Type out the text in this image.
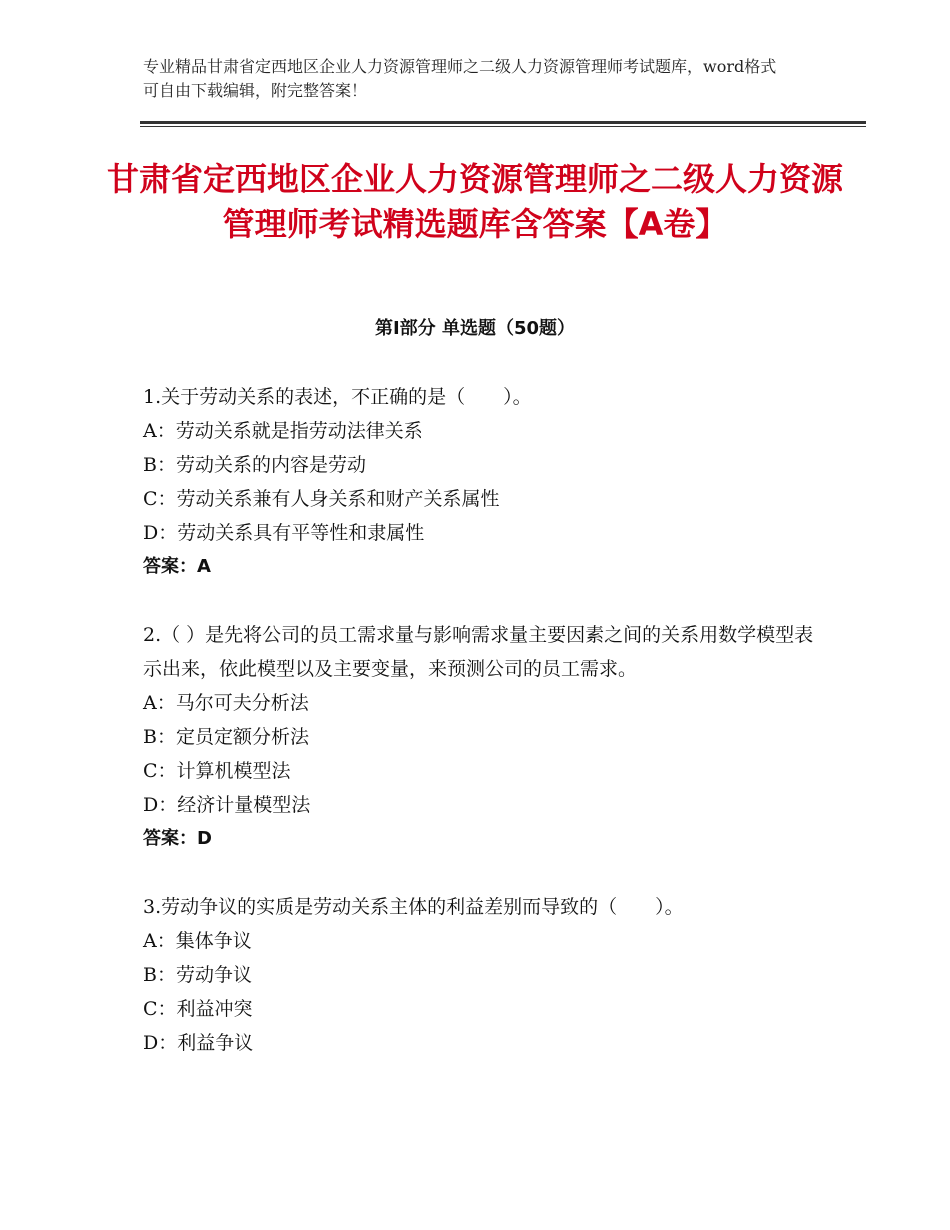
专业精品甘肃省定西地区企业人力资源管理师之二级人力资源管理师考试题库，word格式可自由下载编辑，附完整答案！
甘肃省定西地区企业人力资源管理师之二级人力资源管理师考试精选题库含答案【A卷】
第Ⅰ部分 单选题（50题）

1.关于劳动关系的表述，不正确的是（　　）。

A：劳动关系就是指劳动法律关系

B：劳动关系的内容是劳动

C：劳动关系兼有人身关系和财产关系属性

D：劳动关系具有平等性和隶属性

答案：A

2.（ ）是先将公司的员工需求量与影响需求量主要因素之间的关系用数学模型表示出来，依此模型以及主要变量，来预测公司的员工需求。

A：马尔可夫分析法

B：定员定额分析法

C：计算机模型法

D：经济计量模型法

答案：D

3.劳动争议的实质是劳动关系主体的利益差别而导致的（　　）。

A：集体争议

B：劳动争议

C：利益冲突

D：利益争议
